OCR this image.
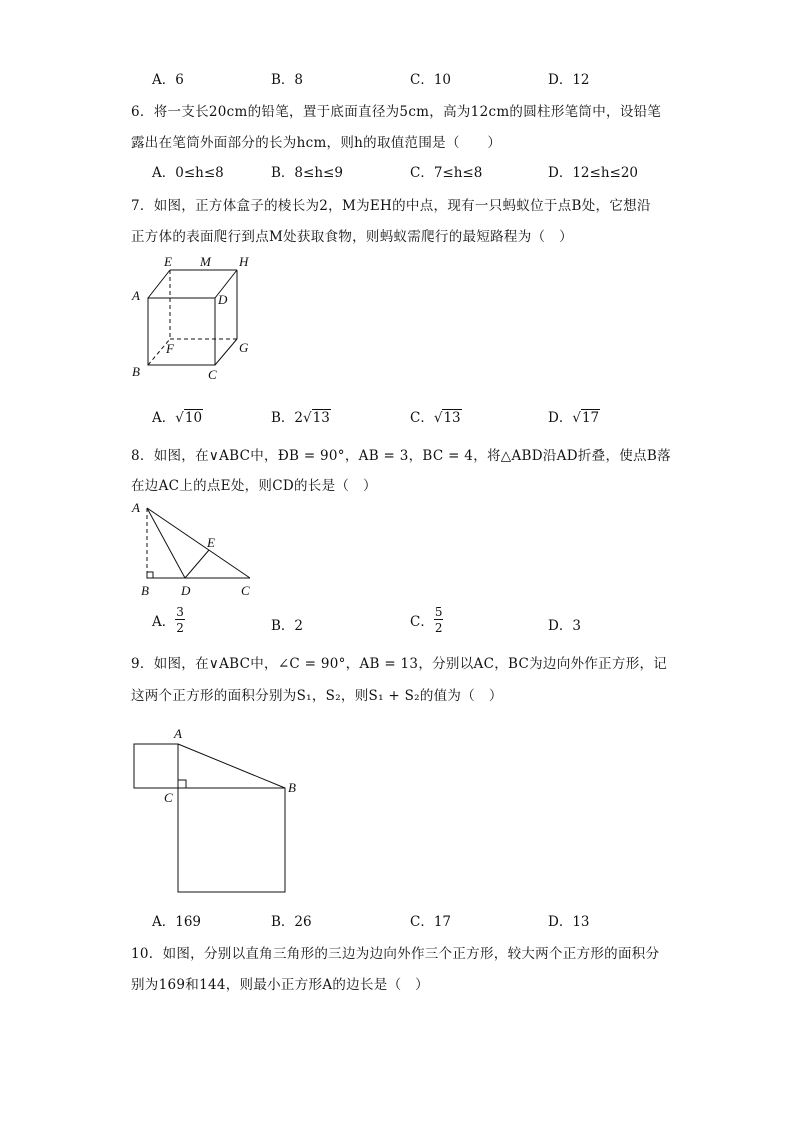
A．6	B．8	C．10	D．12
6．将一支长20cm的铅笔，置于底面直径为5cm，高为12cm的圆柱形笔筒中，设铅笔
露出在笔筒外面部分的长为hcm，则h的取值范围是（　　）
A．0≤h≤8	B．8≤h≤9	C．7≤h≤8	D．12≤h≤20
7．如图，正方体盒子的棱长为2，M为EH的中点，现有一只蚂蚁位于点B处，它想沿
正方体的表面爬行到点M处获取食物，则蚂蚁需爬行的最短路程为（　）
E M H
A	D
F	G
B	C
A．√10	B．2√13	C．√13	D．√17
8．如图，在∨ABC中，ÐB = 90°，AB = 3，BC = 4，将△ABD沿AD折叠，使点B落
在边AC上的点E处，则CD的长是（　）
A
E
B D	C
A． $\frac{3}{2}$	B．2	C． $\frac{5}{2}$	D．3
9．如图，在∨ABC中，∠C = 90°，AB = 13，分别以AC，BC为边向外作正方形，记
这两个正方形的面积分别为S₁，S₂，则S₁ + S₂的值为（　）
A
B
C
A．169	B．26	C．17	D．13
10．如图，分别以直角三角形的三边为边向外作三个正方形，较大两个正方形的面积分
别为169和144，则最小正方形A的边长是（　）
